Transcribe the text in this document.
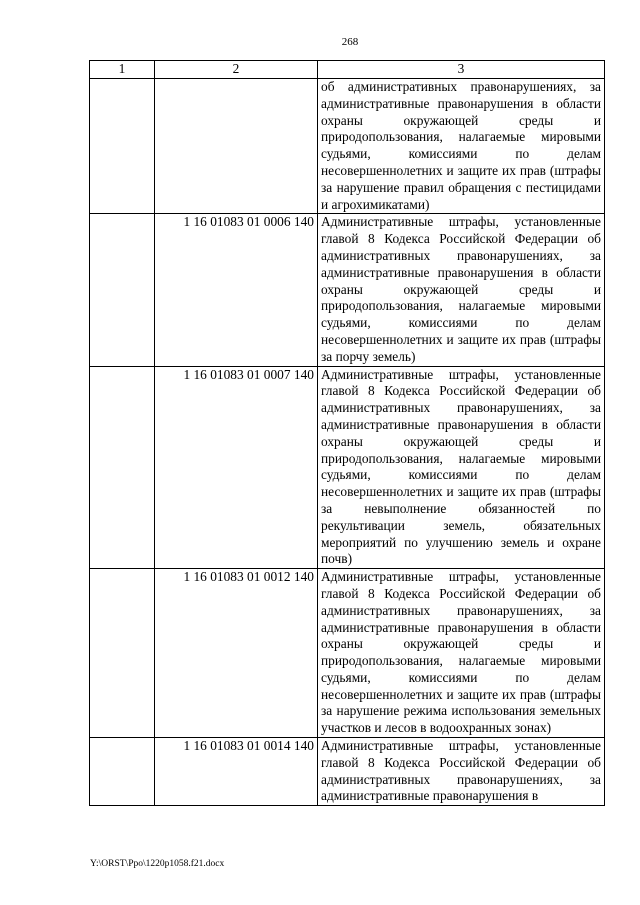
268
1	2	3
		об административных правонарушениях, за административные правонарушения в области охраны окружающей среды и природопользования, налагаемые мировыми судьями, комиссиями по делам несовершеннолетних и защите их прав (штрафы за нарушение правил обращения с пестицидами и агрохимикатами)
	1 16 01083 01 0006 140	Административные штрафы, установленные главой 8 Кодекса Российской Федерации об административных правонарушениях, за административные правонарушения в области охраны окружающей среды и природопользования, налагаемые мировыми судьями, комиссиями по делам несовершеннолетних и защите их прав (штрафы за порчу земель)
	1 16 01083 01 0007 140	Административные штрафы, установленные главой 8 Кодекса Российской Федерации об административных правонарушениях, за административные правонарушения в области охраны окружающей среды и природопользования, налагаемые мировыми судьями, комиссиями по делам несовершеннолетних и защите их прав (штрафы за невыполнение обязанностей по рекультивации земель, обязательных мероприятий по улучшению земель и охране почв)
	1 16 01083 01 0012 140	Административные штрафы, установленные главой 8 Кодекса Российской Федерации об административных правонарушениях, за административные правонарушения в области охраны окружающей среды и природопользования, налагаемые мировыми судьями, комиссиями по делам несовершеннолетних и защите их прав (штрафы за нарушение режима использования земельных участков и лесов в водоохранных зонах)
	1 16 01083 01 0014 140	Административные штрафы, установленные главой 8 Кодекса Российской Федерации об административных правонарушениях, за административные правонарушения в
Y:\ORST\Ppo\1220p1058.f21.docx
